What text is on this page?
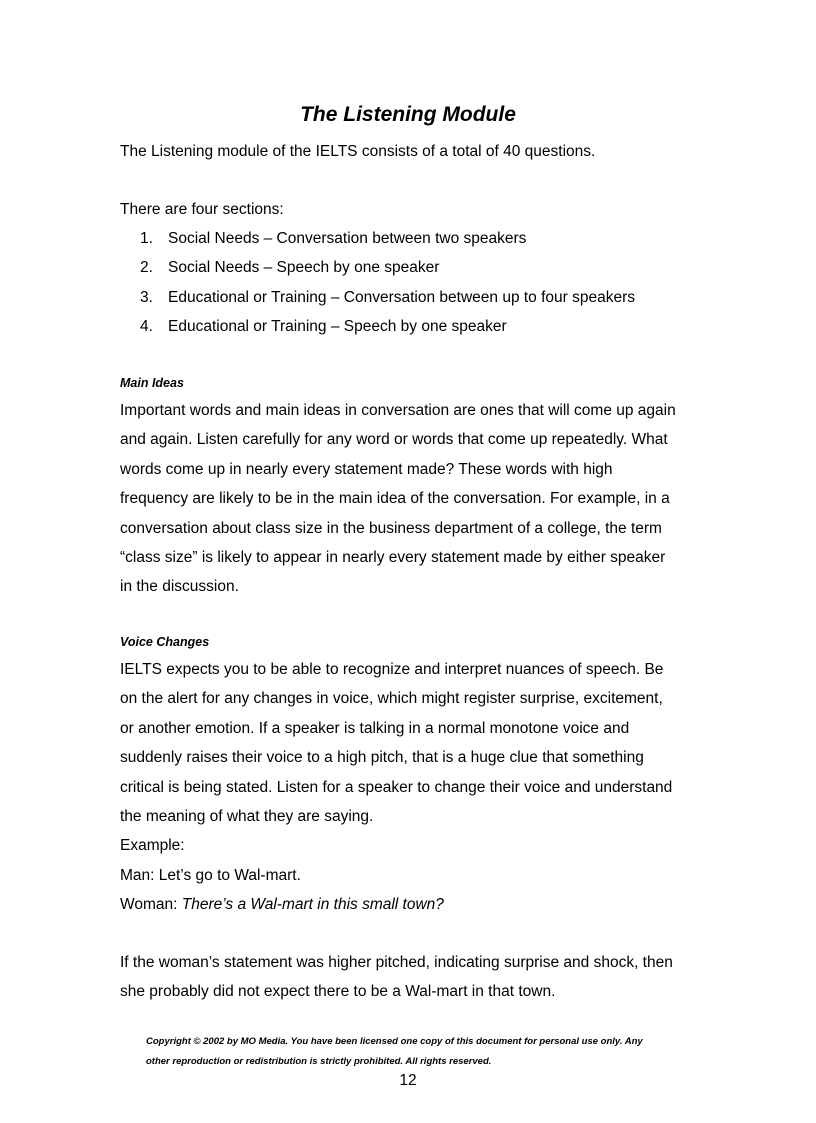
The Listening Module

The Listening module of the IELTS consists of a total of 40 questions.

There are four sections:

1. Social Needs – Conversation between two speakers
2. Social Needs – Speech by one speaker
3. Educational or Training – Conversation between up to four speakers
4. Educational or Training – Speech by one speaker
Main Ideas

Important words and main ideas in conversation are ones that will come up again
and again. Listen carefully for any word or words that come up repeatedly. What
words come up in nearly every statement made? These words with high
frequency are likely to be in the main idea of the conversation. For example, in a
conversation about class size in the business department of a college, the term
“class size” is likely to appear in nearly every statement made by either speaker
in the discussion.

Voice Changes

IELTS expects you to be able to recognize and interpret nuances of speech. Be
on the alert for any changes in voice, which might register surprise, excitement,
or another emotion. If a speaker is talking in a normal monotone voice and
suddenly raises their voice to a high pitch, that is a huge clue that something
critical is being stated. Listen for a speaker to change their voice and understand
the meaning of what they are saying.
Example:
Man: Let’s go to Wal-mart.
Woman: There’s a Wal-mart in this small town?

If the woman’s statement was higher pitched, indicating surprise and shock, then
she probably did not expect there to be a Wal-mart in that town.

Copyright © 2002 by MO Media. You have been licensed one copy of this document for personal use only. Any
other reproduction or redistribution is strictly prohibited. All rights reserved.

12
